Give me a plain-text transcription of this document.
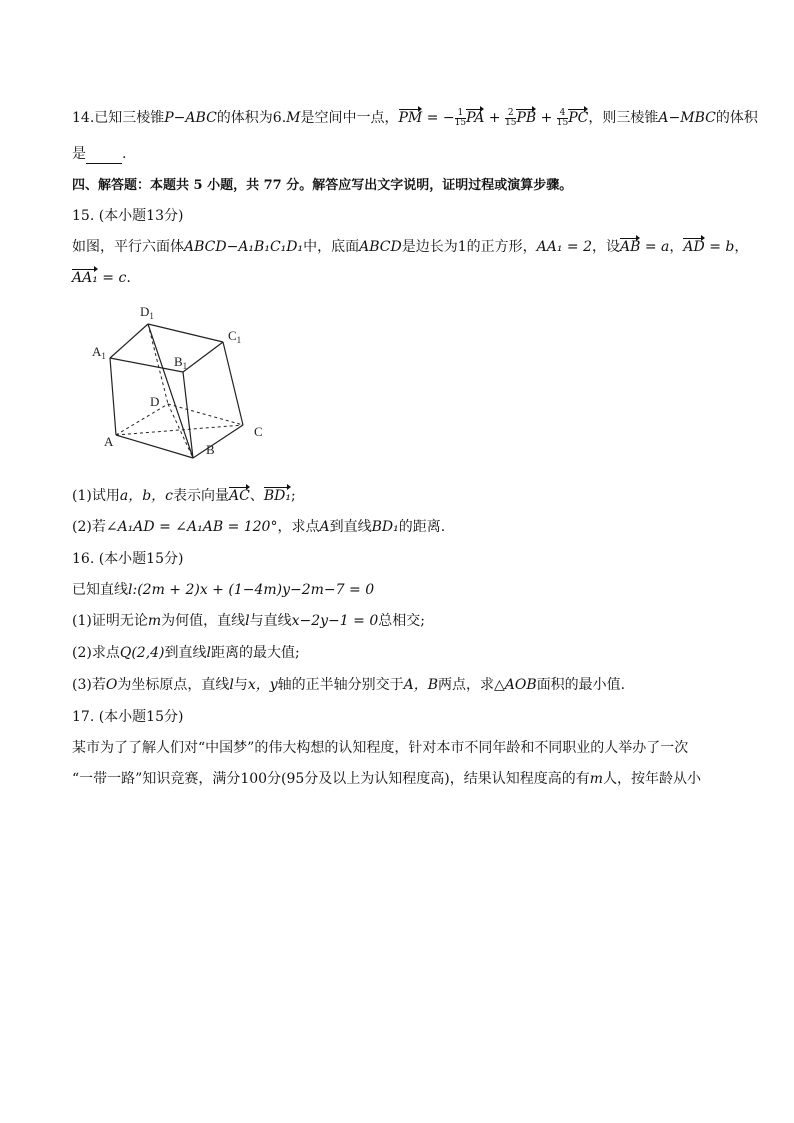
14.已知三棱锥P−ABC的体积为6.M是空间中一点，PM = − $\frac{1}{15}$ PA + $\frac{2}{15}$ PB + $\frac{4}{15}$ PC，则三棱锥A−MBC的体积
是	.
四、解答题：本题共 5 小题，共 77 分。解答应写出文字说明，证明过程或演算步骤。
15. (本小题13分)
如图，平行六面体ABCD−A₁B₁C₁D₁中，底面ABCD是边长为1的正方形，AA₁ = 2，设AB = a，AD = b，
AA₁ = c.
$A_1$
$D_1$
$C_1$
$B_1$
D
A
B
C
(1)试用a，b，c表示向量AC、BD₁;
(2)若∠A₁AD = ∠A₁AB = 120°，求点A到直线BD₁的距离.
16. (本小题15分)
已知直线l:(2m + 2)x + (1−4m)y−2m−7 = 0
(1)证明无论m为何值，直线l与直线x−2y−1 = 0总相交;
(2)求点Q(2,4)到直线l距离的最大值;
(3)若O为坐标原点，直线l与x，y轴的正半轴分别交于A，B两点，求△AOB面积的最小值.
17. (本小题15分)
某市为了了解人们对“中国梦”的伟大构想的认知程度，针对本市不同年龄和不同职业的人举办了一次
“一带一路”知识竞赛，满分100分(95分及以上为认知程度高)，结果认知程度高的有m人，按年龄从小
